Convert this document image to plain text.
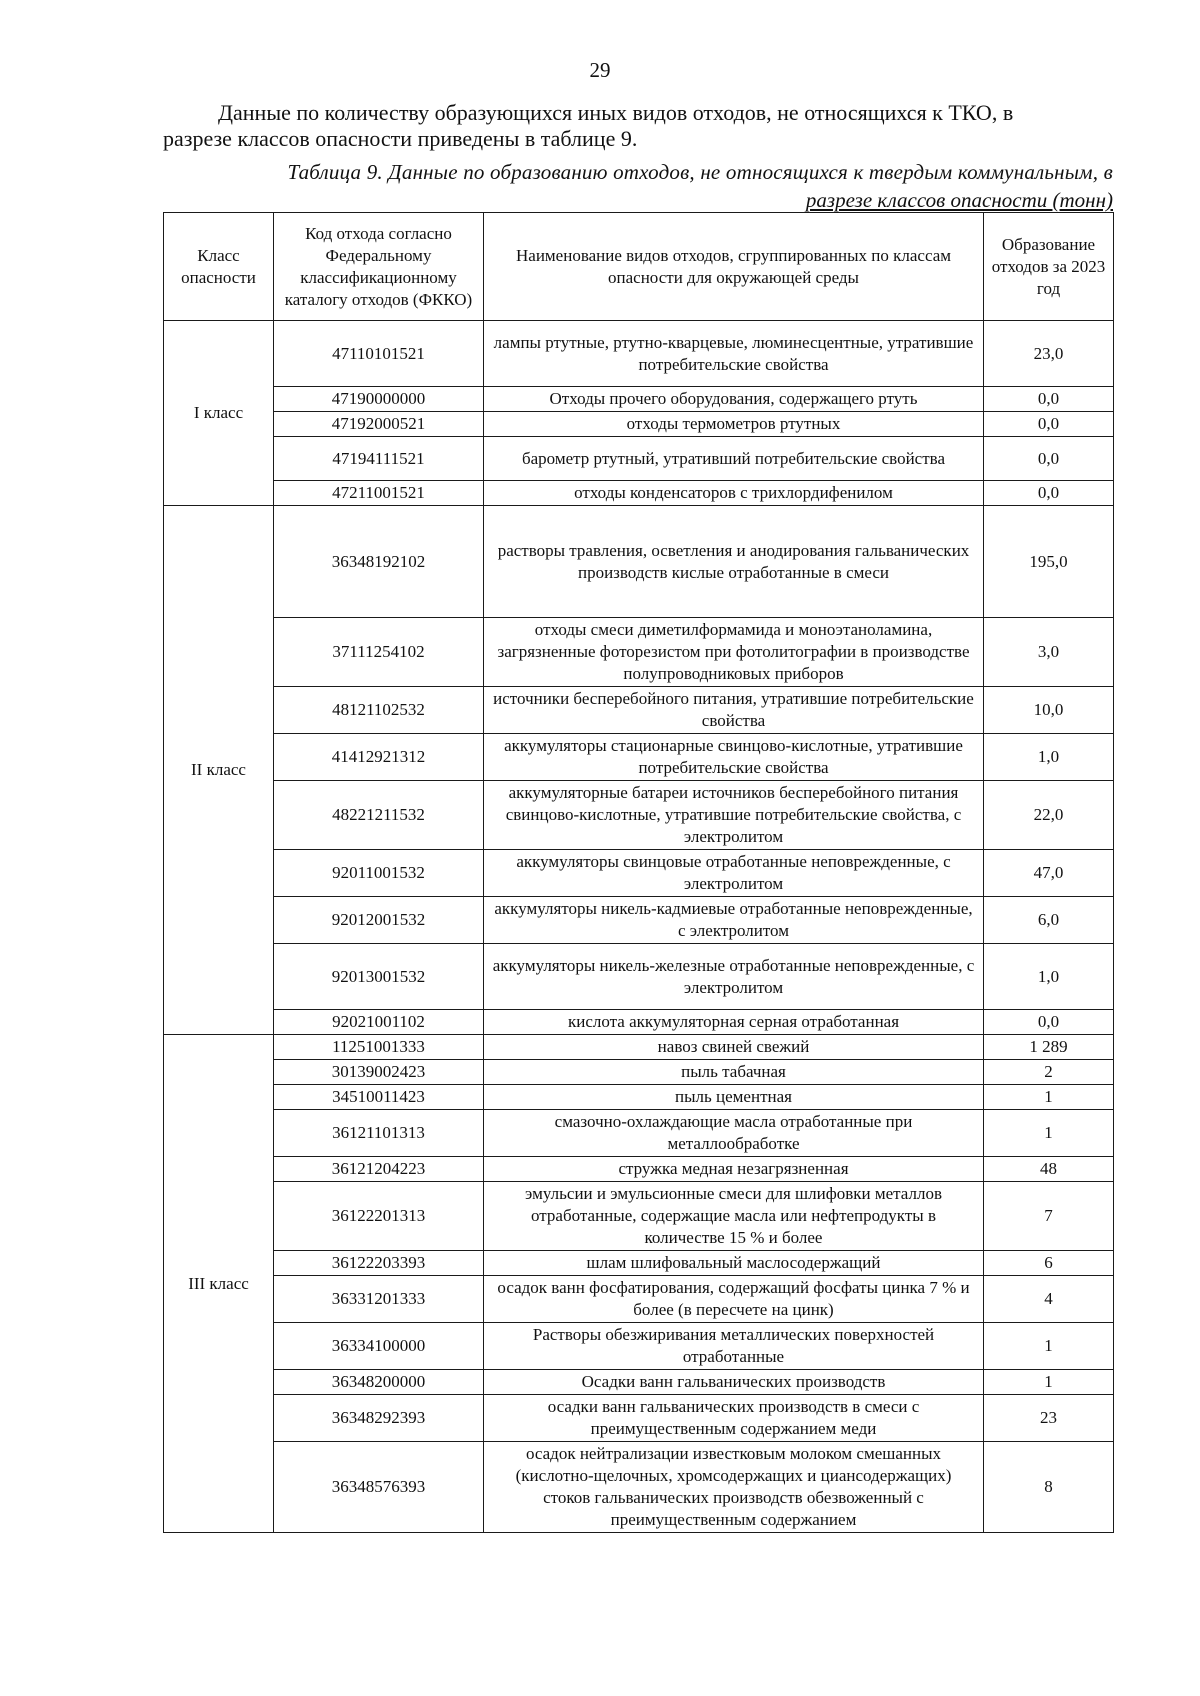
29
Данные по количеству образующихся иных видов отходов, не относящихся к ТКО, в
разрезе классов опасности приведены в таблице 9.
Таблица 9. Данные по образованию отходов, не относящихся к твердым коммунальным, в
разрезе классов опасности (тонн)
Класс опасности	Код отхода согласно Федеральному классификационному каталогу отходов (ФККО)	Наименование видов отходов, сгруппированных по классам опасности для окружающей среды	Образование отходов за 2023 год
I класс	47110101521	лампы ртутные, ртутно-кварцевые, люминесцентные, утратившие потребительские свойства	23,0
	47190000000	Отходы прочего оборудования, содержащего ртуть	0,0
	47192000521	отходы термометров ртутных	0,0
	47194111521	барометр ртутный, утративший потребительские свойства	0,0
	47211001521	отходы конденсаторов с трихлордифенилом	0,0
II класс	36348192102	растворы травления, осветления и анодирования гальванических производств кислые отработанные в смеси	195,0
	37111254102	отходы смеси диметилформамида и моноэтаноламина, загрязненные фоторезистом при фотолитографии в производстве полупроводниковых приборов	3,0
	48121102532	источники бесперебойного питания, утратившие потребительские свойства	10,0
	41412921312	аккумуляторы стационарные свинцово-кислотные, утратившие потребительские свойства	1,0
	48221211532	аккумуляторные батареи источников бесперебойного питания свинцово-кислотные, утратившие потребительские свойства, с электролитом	22,0
	92011001532	аккумуляторы свинцовые отработанные неповрежденные, с электролитом	47,0
	92012001532	аккумуляторы никель-кадмиевые отработанные неповрежденные, с электролитом	6,0
	92013001532	аккумуляторы никель-железные отработанные неповрежденные, с электролитом	1,0
	92021001102	кислота аккумуляторная серная отработанная	0,0
III класс	11251001333	навоз свиней свежий	1 289
	30139002423	пыль табачная	2
	34510011423	пыль цементная	1
	36121101313	смазочно-охлаждающие масла отработанные при металлообработке	1
	36121204223	стружка медная незагрязненная	48
	36122201313	эмульсии и эмульсионные смеси для шлифовки металлов отработанные, содержащие масла или нефтепродукты в количестве 15 % и более	7
	36122203393	шлам шлифовальный маслосодержащий	6
	36331201333	осадок ванн фосфатирования, содержащий фосфаты цинка 7 % и более (в пересчете на цинк)	4
	36334100000	Растворы обезжиривания металлических поверхностей отработанные	1
	36348200000	Осадки ванн гальванических производств	1
	36348292393	осадки ванн гальванических производств в смеси с преимущественным содержанием меди	23
	36348576393	осадок нейтрализации известковым молоком смешанных (кислотно-щелочных, хромсодержащих и циансодержащих) стоков гальванических производств обезвоженный с преимущественным содержанием	8
